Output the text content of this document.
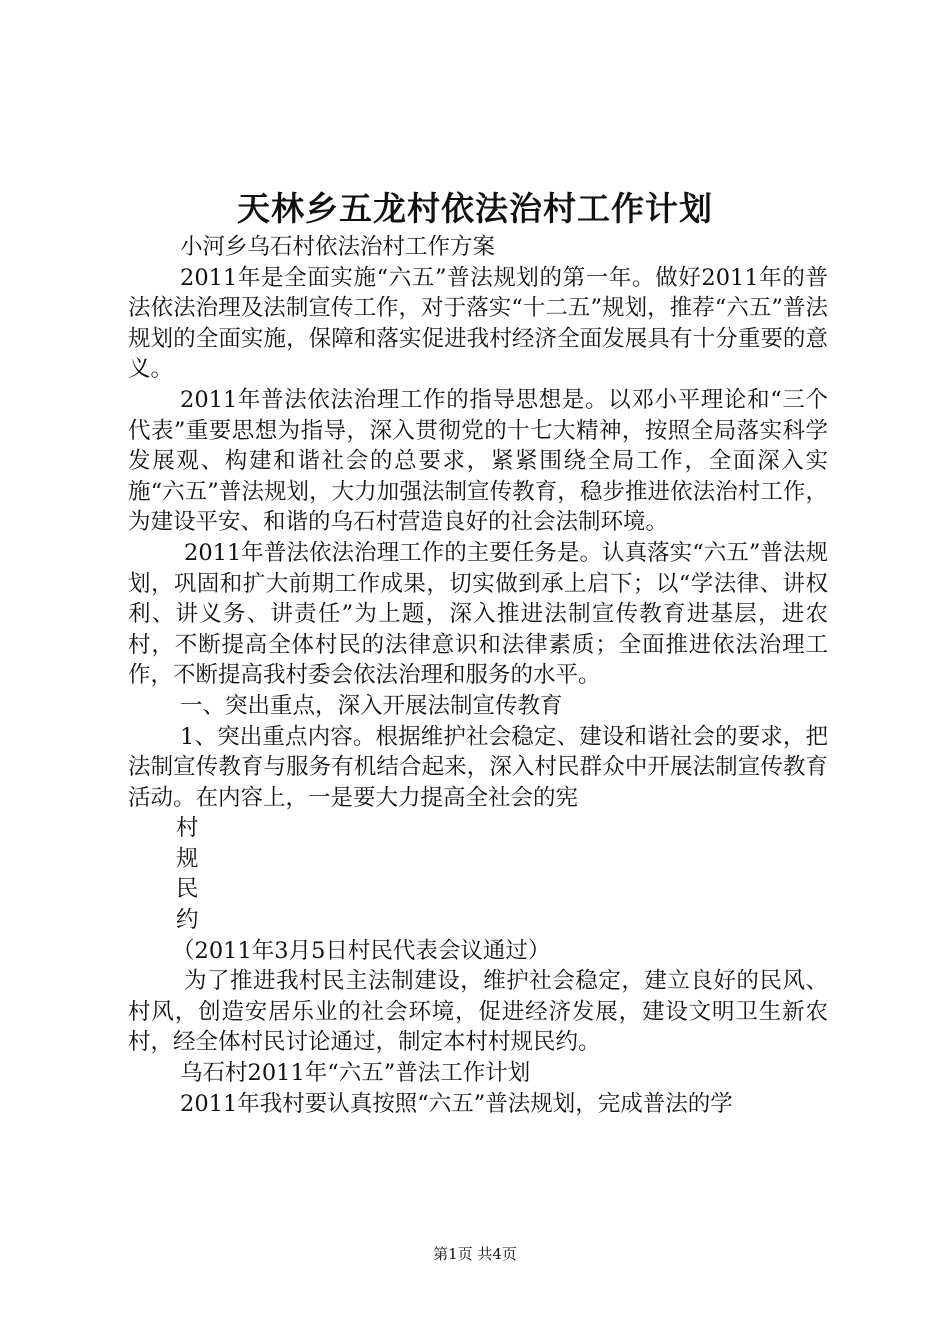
天林乡五龙村依法治村工作计划

小河乡乌石村依法治村工作方案

2011年是全面实施“六五”普法规划的第一年。做好2011年的普法依法治理及法制宣传工作，对于落实“十二五”规划，推荐“六五”普法规划的全面实施，保障和落实促进我村经济全面发展具有十分重要的意义。

2011年普法依法治理工作的指导思想是。以邓小平理论和“三个代表”重要思想为指导，深入贯彻党的十七大精神，按照全局落实科学发展观、构建和谐社会的总要求，紧紧围绕全局工作，全面深入实施“六五”普法规划，大力加强法制宣传教育，稳步推进依法治村工作，为建设平安、和谐的乌石村营造良好的社会法制环境。

2011年普法依法治理工作的主要任务是。认真落实“六五”普法规划，巩固和扩大前期工作成果，切实做到承上启下；以“学法律、讲权利、讲义务、讲责任”为上题，深入推进法制宣传教育进基层，进农村，不断提高全体村民的法律意识和法律素质；全面推进依法治理工作，不断提高我村委会依法治理和服务的水平。

一、突出重点，深入开展法制宣传教育

1、突出重点内容。根据维护社会稳定、建设和谐社会的要求，把法制宣传教育与服务有机结合起来，深入村民群众中开展法制宣传教育活动。在内容上，一是要大力提高全社会的宪

村

规

民

约

（2011年3月5日村民代表会议通过）

为了推进我村民主法制建设，维护社会稳定，建立良好的民风、村风，创造安居乐业的社会环境，促进经济发展，建设文明卫生新农村，经全体村民讨论通过，制定本村村规民约。

乌石村2011年“六五”普法工作计划

2011年我村要认真按照“六五”普法规划，完成普法的学

第1页 共4页
